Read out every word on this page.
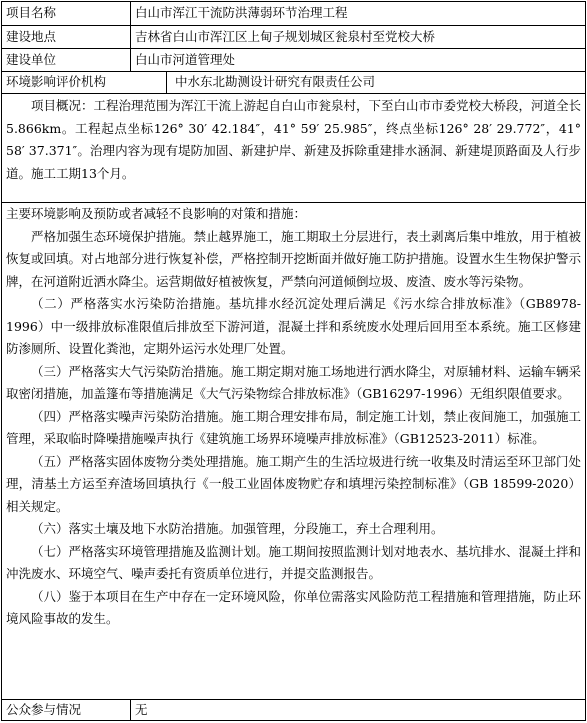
项目名称	白山市浑江干流防洪薄弱环节治理工程
建设地点	吉林省白山市浑江区上甸子规划城区瓮泉村至党校大桥
建设单位	白山市河道管理处
环境影响评价机构	中水东北勘测设计研究有限责任公司

项目概况：工程治理范围为浑江干流上游起自白山市瓮泉村，下至白山市市委党校大桥段，河道全长5.866km。工程起点坐标126° 30′ 42.184″，41° 59′ 25.985″，终点坐标126° 28′ 29.772″，41° 58′ 37.371″。治理内容为现有堤防加固、新建护岸、新建及拆除重建排水涵洞、新建堤顶路面及人行步道。施工工期13个月。

主要环境影响及预防或者减轻不良影响的对策和措施：

严格加强生态环境保护措施。禁止越界施工，施工期取土分层进行，表土剥离后集中堆放，用于植被恢复或回填。对占地部分进行恢复补偿，严格控制开挖断面并做好施工防护措施。设置水生生物保护警示牌，在河道附近洒水降尘。运营期做好植被恢复，严禁向河道倾倒垃圾、废渣、废水等污染物。

（二）严格落实水污染防治措施。基坑排水经沉淀处理后满足《污水综合排放标准》（GB8978-1996）中一级排放标准限值后排放至下游河道，混凝土拌和系统废水处理后回用至本系统。施工区修建防渗厕所、设置化粪池，定期外运污水处理厂处置。

（三）严格落实大气污染防治措施。施工期定期对施工场地进行洒水降尘，对原辅材料、运输车辆采取密闭措施，加盖篷布等措施满足《大气污染物综合排放标准》（GB16297-1996）无组织限值要求。

（四）严格落实噪声污染防治措施。施工期合理安排布局，制定施工计划，禁止夜间施工，加强施工管理，采取临时降噪措施噪声执行《建筑施工场界环境噪声排放标准》（GB12523-2011）标准。

（五）严格落实固体废物分类处理措施。施工期产生的生活垃圾进行统一收集及时清运至环卫部门处理，清基土方运至弃渣场回填执行《一般工业固体废物贮存和填埋污染控制标准》（GB 18599-2020）相关规定。

（六）落实土壤及地下水防治措施。加强管理，分段施工，弃土合理利用。

（七）严格落实环境管理措施及监测计划。施工期间按照监测计划对地表水、基坑排水、混凝土拌和冲洗废水、环境空气、噪声委托有资质单位进行，并提交监测报告。

（八）鉴于本项目在生产中存在一定环境风险，你单位需落实风险防范工程措施和管理措施，防止环境风险事故的发生。

公众参与情况	无
